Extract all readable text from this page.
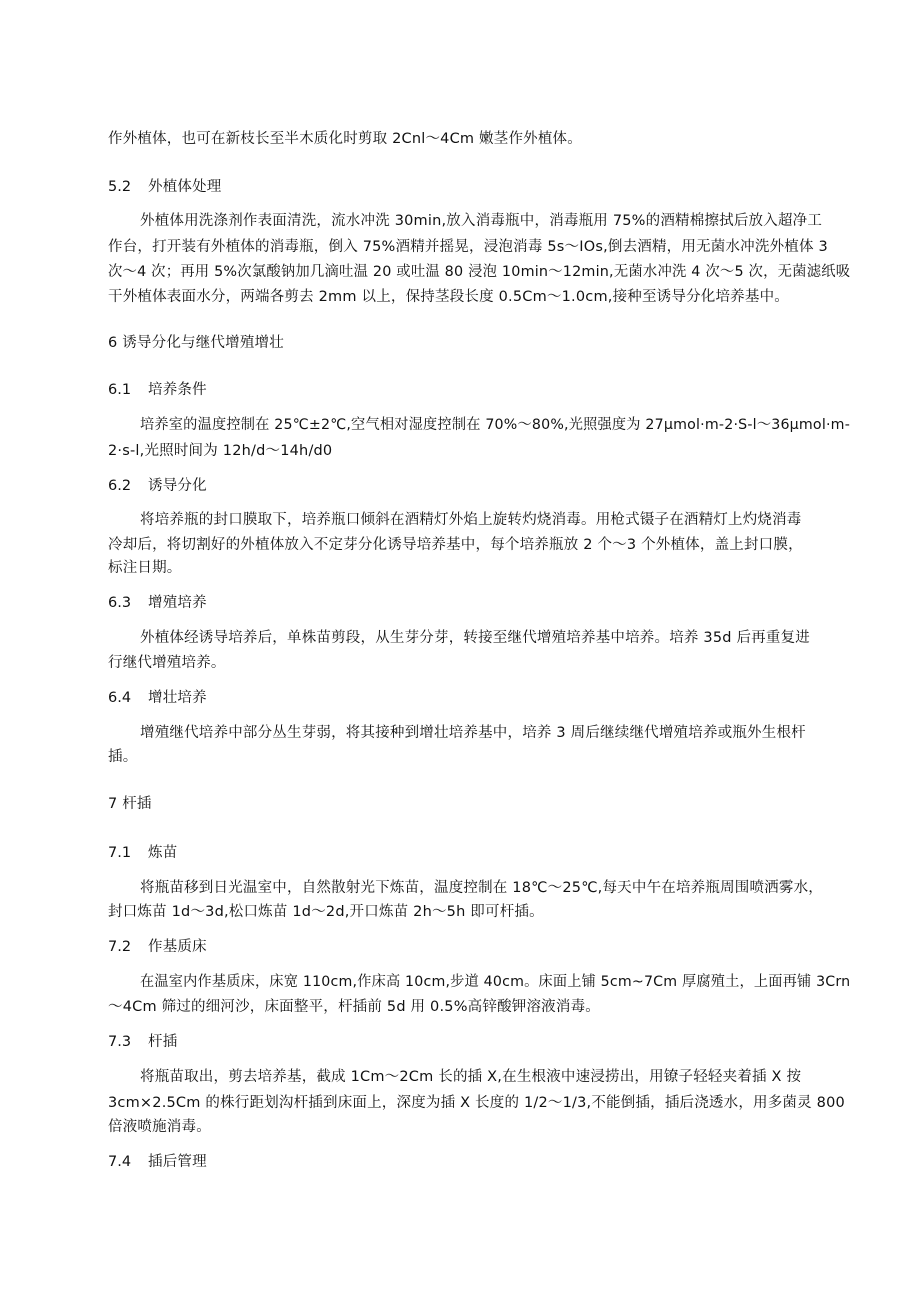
作外植体，也可在新枝长至半木质化时剪取 2Cnl～4Cm 嫩茎作外植体。
5.2 外植体处理
外植体用洗涤剂作表面清洗，流水冲洗 30min,放入消毒瓶中，消毒瓶用 75%的酒精棉擦拭后放入超净工
作台，打开装有外植体的消毒瓶，倒入 75%酒精并摇晃，浸泡消毒 5s～IOs,倒去酒精，用无菌水冲洗外植体 3
次～4 次；再用 5%次氯酸钠加几滴吐温 20 或吐温 80 浸泡 10min～12min,无菌水冲洗 4 次～5 次，无菌滤纸吸
干外植体表面水分，两端各剪去 2mm 以上，保持茎段长度 0.5Cm～1.0cm,接种至诱导分化培养基中。
6 诱导分化与继代增殖增壮
6.1 培养条件
培养室的温度控制在 25℃±2℃,空气相对湿度控制在 70%～80%,光照强度为 27μmol·m-2·S-l～36μmol·m-
2·s-l,光照时间为 12h/d～14h/d0
6.2 诱导分化
将培养瓶的封口膜取下，培养瓶口倾斜在酒精灯外焰上旋转灼烧消毒。用枪式镊子在酒精灯上灼烧消毒
冷却后，将切割好的外植体放入不定芽分化诱导培养基中，每个培养瓶放 2 个～3 个外植体，盖上封口膜，
标注日期。
6.3 增殖培养
外植体经诱导培养后，单株苗剪段，从生芽分芽，转接至继代增殖培养基中培养。培养 35d 后再重复进
行继代增殖培养。
6.4 增壮培养
增殖继代培养中部分丛生芽弱，将其接种到增壮培养基中，培养 3 周后继续继代增殖培养或瓶外生根杆
插。
7 杆插
7.1 炼苗
将瓶苗移到日光温室中，自然散射光下炼苗，温度控制在 18℃～25℃,每天中午在培养瓶周围喷洒雾水，
封口炼苗 1d～3d,松口炼苗 1d～2d,开口炼苗 2h～5h 即可杆插。
7.2 作基质床
在温室内作基质床，床宽 110cm,作床高 10cm,步道 40cm。床面上铺 5cm~7Cm 厚腐殖土，上面再铺 3Crn
～4Cm 筛过的细河沙，床面整平，杆插前 5d 用 0.5%高锌酸钾溶液消毒。
7.3 杆插
将瓶苗取出，剪去培养基，截成 1Cm～2Cm 长的插 X,在生根液中速浸捞出，用镣子轻轻夹着插 X 按
3cm×2.5Cm 的株行距划沟杆插到床面上，深度为插 X 长度的 1/2～1/3,不能倒插，插后浇透水，用多菌灵 800
倍液喷施消毒。
7.4 插后管理
